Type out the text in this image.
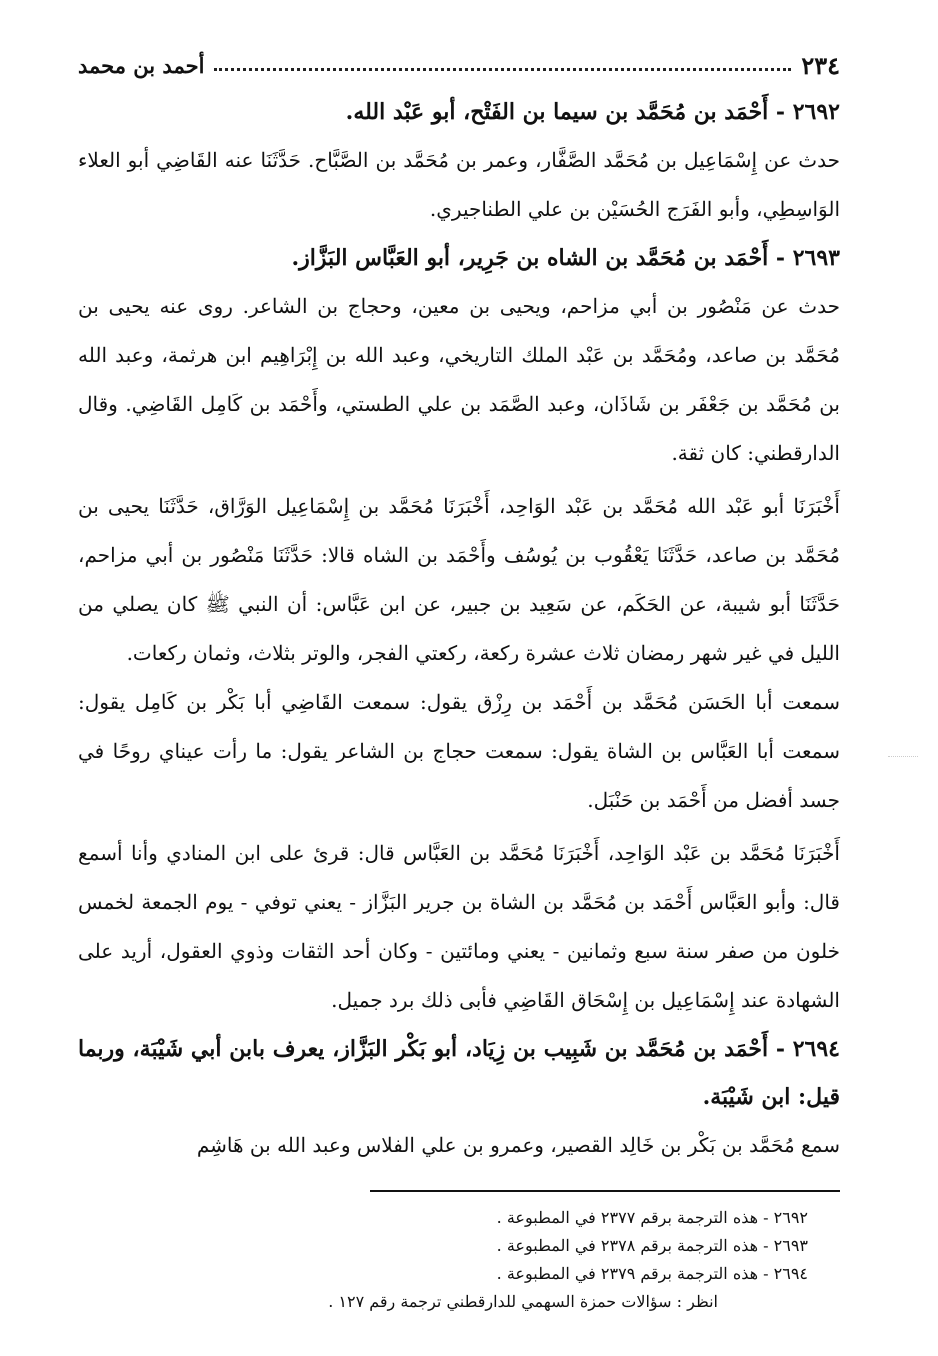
٢٣٤
أحمد بن محمد
٢٦٩٢ - أَحْمَد بن مُحَمَّد بن سيما بن الفَتْح، أبو عَبْد الله.

حدث عن إِسْمَاعِيل بن مُحَمَّد الصَّفَّار، وعمر بن مُحَمَّد بن الصَّبَّاح. حَدَّثَنَا عنه القَاضِي أبو العلاء الوَاسِطِي، وأبو الفَرَج الحُسَيْن بن علي الطناجيري.

٢٦٩٣ - أَحْمَد بن مُحَمَّد بن الشاه بن جَرِير، أبو العَبَّاس البَزَّاز.

حدث عن مَنْصُور بن أبي مزاحم، ويحيى بن معين، وحجاج بن الشاعر. روى عنه يحيى بن مُحَمَّد بن صاعد، ومُحَمَّد بن عَبْد الملك التاريخي، وعبد الله بن إِبْرَاهِيم ابن هرثمة، وعبد الله بن مُحَمَّد بن جَعْفَر بن شَاذَان، وعبد الصَّمَد بن علي الطستي، وأَحْمَد بن كَامِل القَاضِي. وقال الدارقطني: كان ثقة.

أَخْبَرَنَا أبو عَبْد الله مُحَمَّد بن عَبْد الوَاحِد، أَخْبَرَنَا مُحَمَّد بن إِسْمَاعِيل الوَرَّاق، حَدَّثَنَا يحيى بن مُحَمَّد بن صاعد، حَدَّثَنَا يَعْقُوب بن يُوسُف وأَحْمَد بن الشاه قالا: حَدَّثَنَا مَنْصُور بن أبي مزاحم، حَدَّثَنَا أبو شيبة، عن الحَكَم، عن سَعِيد بن جبير، عن ابن عَبَّاس: أن النبي ﷺ كان يصلي من الليل في غير شهر رمضان ثلاث عشرة ركعة، ركعتي الفجر، والوتر بثلاث، وثمان ركعات.

سمعت أبا الحَسَن مُحَمَّد بن أَحْمَد بن رِزْق يقول: سمعت القَاضِي أبا بَكْر بن كَامِل يقول: سمعت أبا العَبَّاس بن الشاة يقول: سمعت حجاج بن الشاعر يقول: ما رأت عيناي روحًا في جسد أفضل من أَحْمَد بن حَنْبَل.

أَخْبَرَنَا مُحَمَّد بن عَبْد الوَاحِد، أَخْبَرَنَا مُحَمَّد بن العَبَّاس قال: قرئ على ابن المنادي وأنا أسمع قال: وأبو العَبَّاس أَحْمَد بن مُحَمَّد بن الشاة بن جرير البَزَّاز - يعني توفي - يوم الجمعة لخمس خلون من صفر سنة سبع وثمانين - يعني ومائتين - وكان أحد الثقات وذوي العقول، أريد على الشهادة عند إِسْمَاعِيل بن إِسْحَاق القَاضِي فأبى ذلك برد جميل.

٢٦٩٤ - أَحْمَد بن مُحَمَّد بن شَبِيب بن زِيَاد، أبو بَكْر البَزَّاز، يعرف بابن أبي شَيْبَة، وربما قيل: ابن شَيْبَة.

سمع مُحَمَّد بن بَكْر بن خَالِد القصير، وعمرو بن علي الفلاس وعبد الله بن هَاشِم

٢٦٩٢ - هذه الترجمة برقم ٢٣٧٧ في المطبوعة .
٢٦٩٣ - هذه الترجمة برقم ٢٣٧٨ في المطبوعة .
٢٦٩٤ - هذه الترجمة برقم ٢٣٧٩ في المطبوعة .
انظر : سؤالات حمزة السهمي للدارقطني ترجمة رقم ١٢٧ .
